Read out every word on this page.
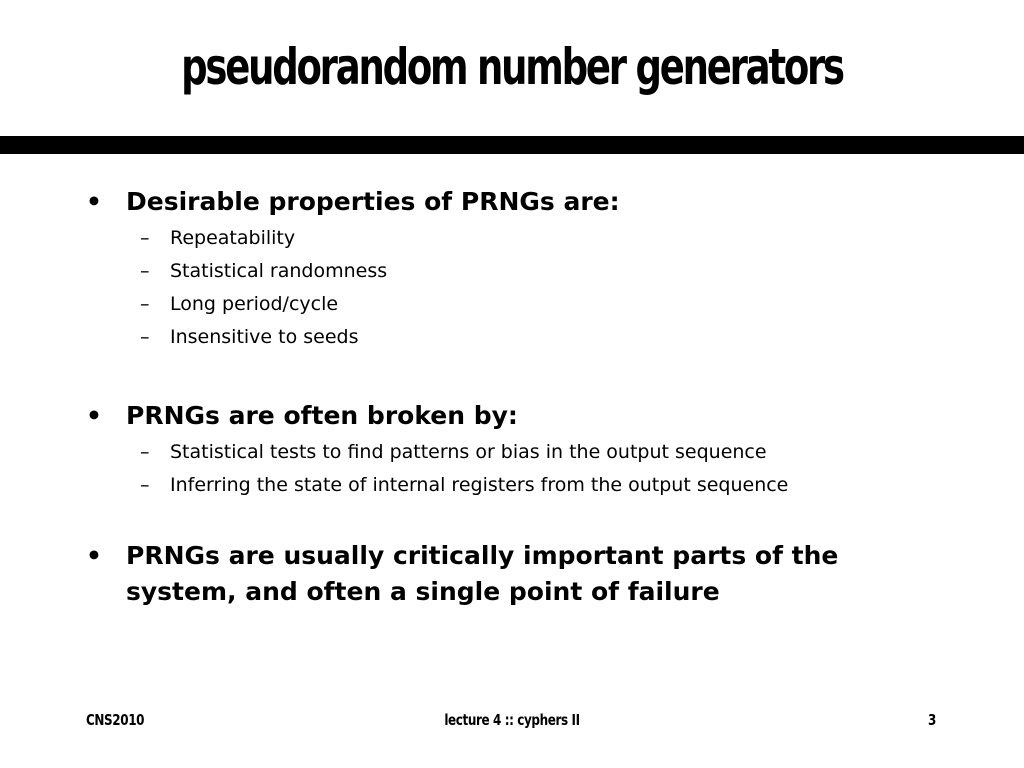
pseudorandom number generators
• Desirable properties of PRNGs are:
– Repeatability
– Statistical randomness
– Long period/cycle
– Insensitive to seeds
• PRNGs are often broken by:
– Statistical tests to find patterns or bias in the output sequence
– Inferring the state of internal registers from the output sequence
• PRNGs are usually critically important parts of the system, and often a single point of failure
CNS2010	lecture 4 :: cyphers II	3
